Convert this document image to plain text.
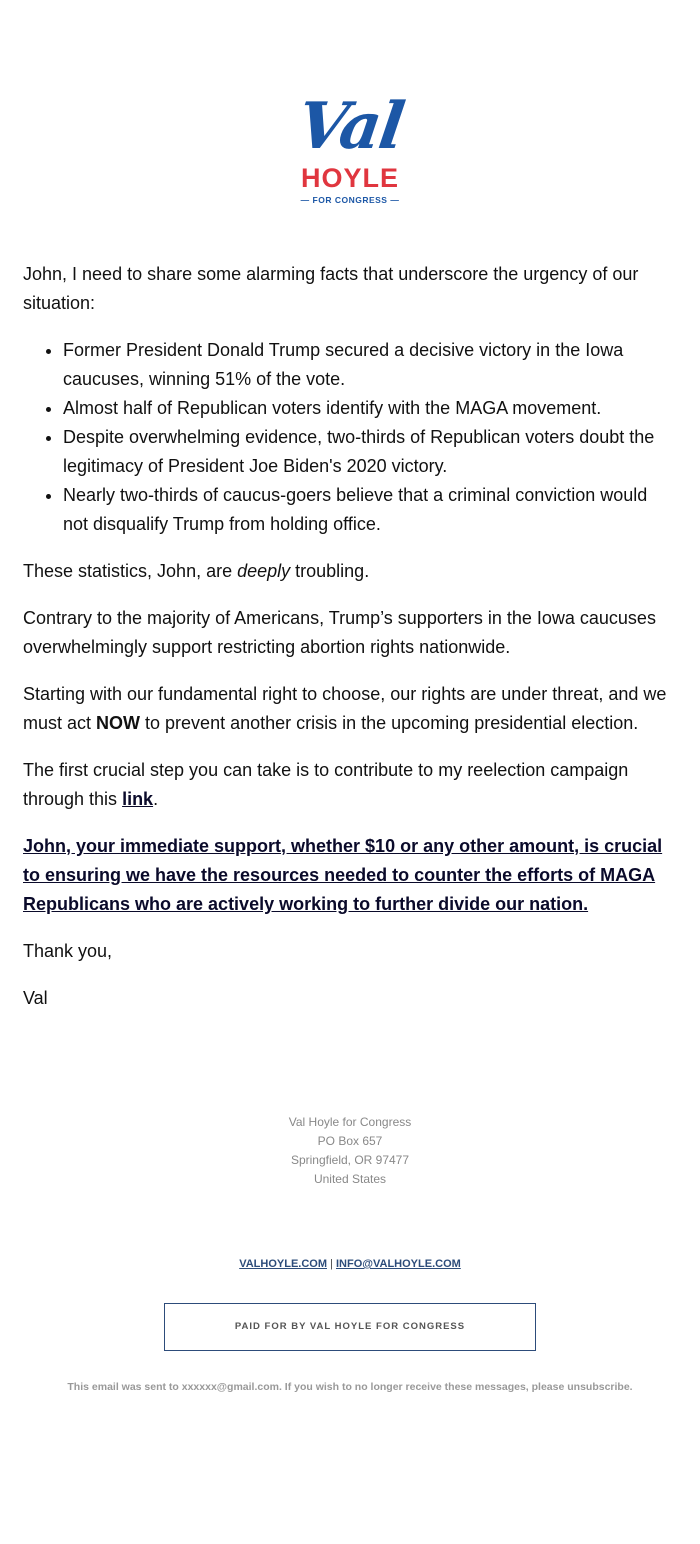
Val
HOYLE
— FOR CONGRESS —

John, I need to share some alarming facts that underscore the urgency of our situation:

• Former President Donald Trump secured a decisive victory in the Iowa caucuses, winning 51% of the vote.
• Almost half of Republican voters identify with the MAGA movement.
• Despite overwhelming evidence, two-thirds of Republican voters doubt the legitimacy of President Joe Biden's 2020 victory.
• Nearly two-thirds of caucus-goers believe that a criminal conviction would not disqualify Trump from holding office.

These statistics, John, are deeply troubling.

Contrary to the majority of Americans, Trump’s supporters in the Iowa caucuses overwhelmingly support restricting abortion rights nationwide.

Starting with our fundamental right to choose, our rights are under threat, and we must act NOW to prevent another crisis in the upcoming presidential election.

The first crucial step you can take is to contribute to my reelection campaign through this link.

John, your immediate support, whether $10 or any other amount, is crucial to ensuring we have the resources needed to counter the efforts of MAGA Republicans who are actively working to further divide our nation.

Thank you,

Val

Val Hoyle for Congress
PO Box 657
Springfield, OR 97477
United States
VALHOYLE.COM | INFO@VALHOYLE.COM
PAID FOR BY VAL HOYLE FOR CONGRESS
This email was sent to xxxxxx@gmail.com. If you wish to no longer receive these messages, please unsubscribe.
